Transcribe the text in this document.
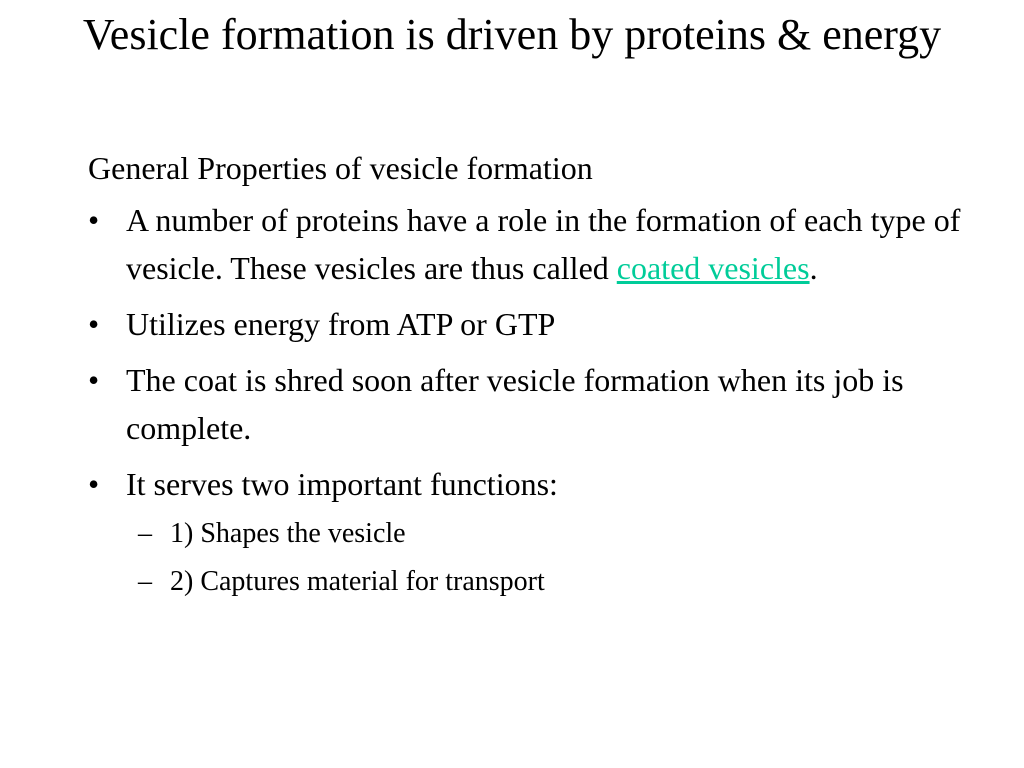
Vesicle formation is driven by proteins & energy
General Properties of vesicle formation
• A number of proteins have a role in the formation of each type of vesicle. These vesicles are thus called coated vesicles.
• Utilizes energy from ATP or GTP
• The coat is shred soon after vesicle formation when its job is complete.
• It serves two important functions:
– 1) Shapes the vesicle
– 2) Captures material for transport
